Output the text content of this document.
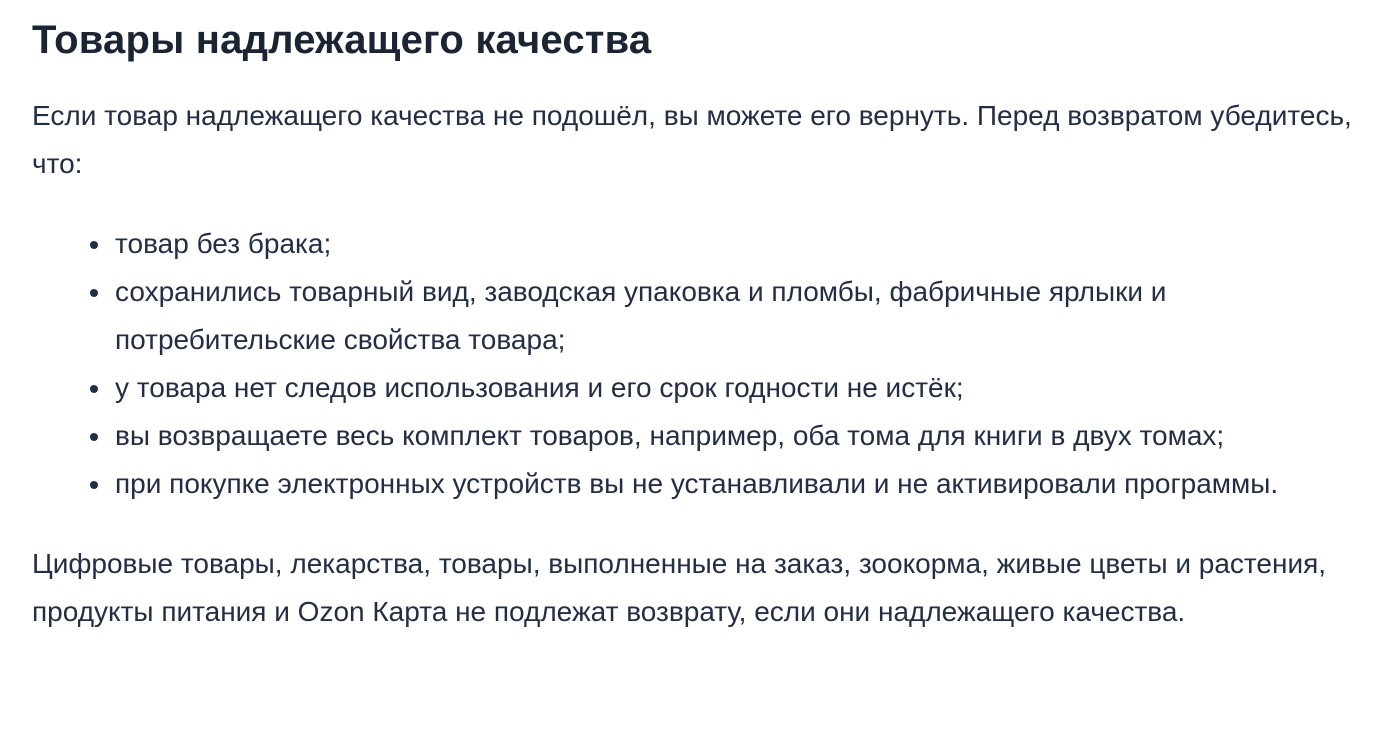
Товары надлежащего качества

Если товар надлежащего качества не подошёл, вы можете его вернуть. Перед возвратом убедитесь, что:

• товар без брака;
• сохранились товарный вид, заводская упаковка и пломбы, фабричные ярлыки и потребительские свойства товара;
• у товара нет следов использования и его срок годности не истёк;
• вы возвращаете весь комплект товаров, например, оба тома для книги в двух томах;
• при покупке электронных устройств вы не устанавливали и не активировали программы.

Цифровые товары, лекарства, товары, выполненные на заказ, зоокорма, живые цветы и растения, продукты питания и Ozon Карта не подлежат возврату, если они надлежащего качества.
